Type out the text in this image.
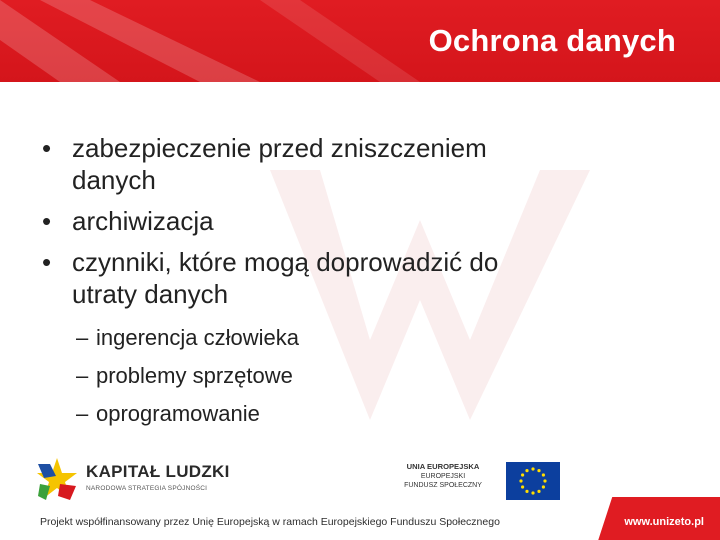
Ochrona danych
• zabezpieczenie przed zniszczeniem
danych
• archiwizacja
• czynniki, które mogą doprowadzić do
utraty danych
– ingerencja człowieka
– problemy sprzętowe
– oprogramowanie
KAPITAŁ LUDZKI
NARODOWA STRATEGIA SPÓJNOŚCI
UNIA EUROPEJSKA
EUROPEJSKI
FUNDUSZ SPOŁECZNY
Projekt współfinansowany przez Unię Europejską w ramach Europejskiego Funduszu Społecznego	www.unizeto.pl
